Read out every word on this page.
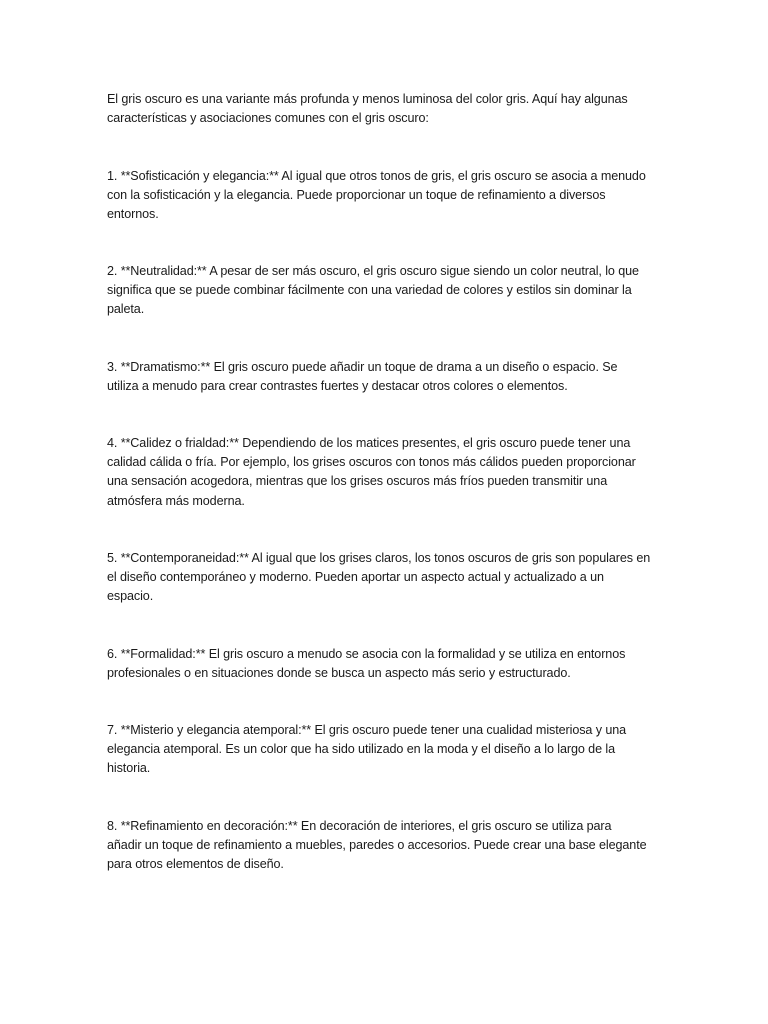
El gris oscuro es una variante más profunda y menos luminosa del color gris. Aquí hay algunas
características y asociaciones comunes con el gris oscuro:

1. **Sofisticación y elegancia:** Al igual que otros tonos de gris, el gris oscuro se asocia a menudo
con la sofisticación y la elegancia. Puede proporcionar un toque de refinamiento a diversos
entornos.

2. **Neutralidad:** A pesar de ser más oscuro, el gris oscuro sigue siendo un color neutral, lo que
significa que se puede combinar fácilmente con una variedad de colores y estilos sin dominar la
paleta.

3. **Dramatismo:** El gris oscuro puede añadir un toque de drama a un diseño o espacio. Se
utiliza a menudo para crear contrastes fuertes y destacar otros colores o elementos.

4. **Calidez o frialdad:** Dependiendo de los matices presentes, el gris oscuro puede tener una
calidad cálida o fría. Por ejemplo, los grises oscuros con tonos más cálidos pueden proporcionar
una sensación acogedora, mientras que los grises oscuros más fríos pueden transmitir una
atmósfera más moderna.

5. **Contemporaneidad:** Al igual que los grises claros, los tonos oscuros de gris son populares en
el diseño contemporáneo y moderno. Pueden aportar un aspecto actual y actualizado a un
espacio.

6. **Formalidad:** El gris oscuro a menudo se asocia con la formalidad y se utiliza en entornos
profesionales o en situaciones donde se busca un aspecto más serio y estructurado.

7. **Misterio y elegancia atemporal:** El gris oscuro puede tener una cualidad misteriosa y una
elegancia atemporal. Es un color que ha sido utilizado en la moda y el diseño a lo largo de la
historia.

8. **Refinamiento en decoración:** En decoración de interiores, el gris oscuro se utiliza para
añadir un toque de refinamiento a muebles, paredes o accesorios. Puede crear una base elegante
para otros elementos de diseño.
